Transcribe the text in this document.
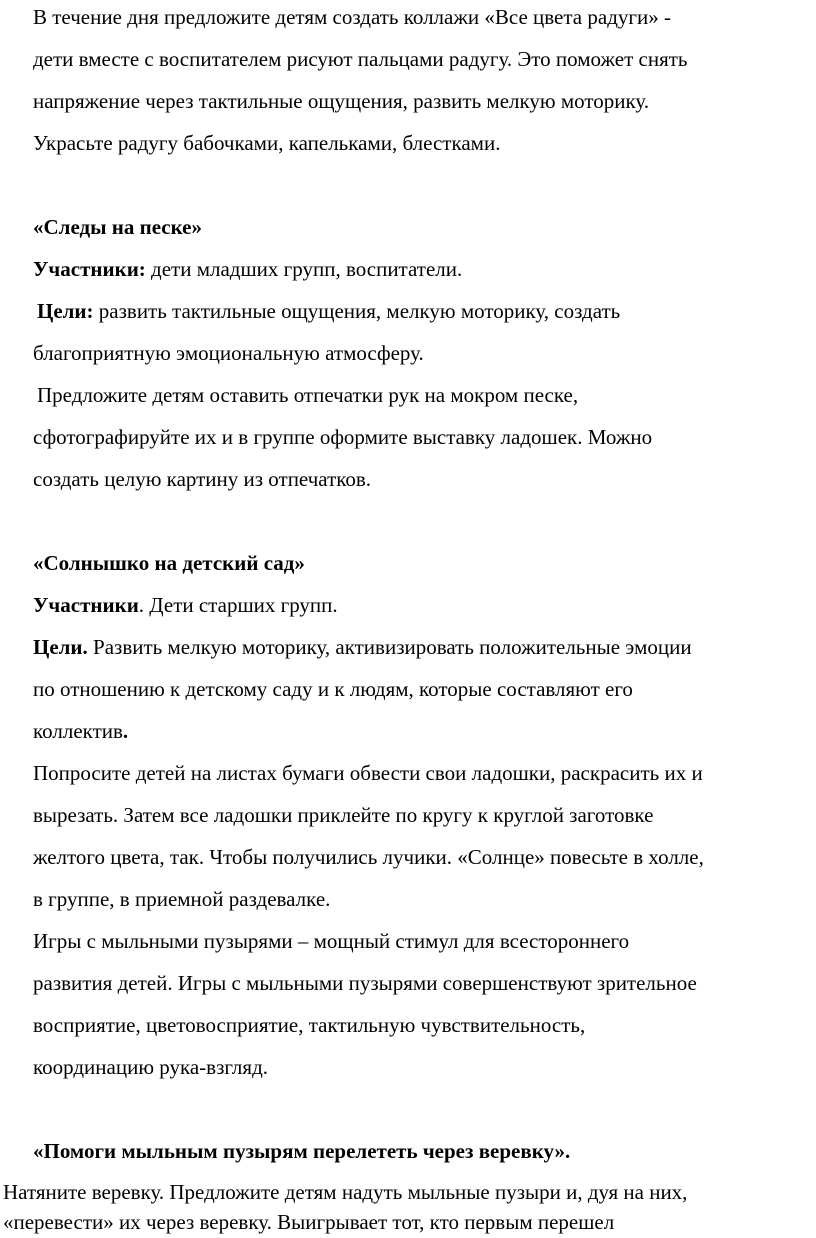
В течение дня предложите детям создать коллажи «Все цвета радуги» -
дети вместе с воспитателем рисуют пальцами радугу. Это поможет снять
напряжение через тактильные ощущения, развить мелкую моторику.
Украсьте радугу бабочками, капельками, блестками.
«Следы на песке»
Участники: дети младших групп, воспитатели.
Цели: развить тактильные ощущения, мелкую моторику, создать
благоприятную эмоциональную атмосферу.
Предложите детям оставить отпечатки рук на мокром песке,
сфотографируйте их и в группе оформите выставку ладошек. Можно
создать целую картину из отпечатков.
«Солнышко на детский сад»
Участники. Дети старших групп.
Цели. Развить мелкую моторику, активизировать положительные эмоции
по отношению к детскому саду и к людям, которые составляют его
коллектив.
Попросите детей на листах бумаги обвести свои ладошки, раскрасить их и
вырезать. Затем все ладошки приклейте по кругу к круглой заготовке
желтого цвета, так. Чтобы получились лучики. «Солнце» повесьте в холле,
в группе, в приемной раздевалке.
Игры с мыльными пузырями – мощный стимул для всестороннего
развития детей. Игры с мыльными пузырями совершенствуют зрительное
восприятие, цветовосприятие, тактильную чувствительность,
координацию рука-взгляд.
«Помоги мыльным пузырям перелететь через веревку».
Натяните веревку. Предложите детям надуть мыльные пузыри и, дуя на них,
«перевести» их через веревку. Выигрывает тот, кто первым перешел
